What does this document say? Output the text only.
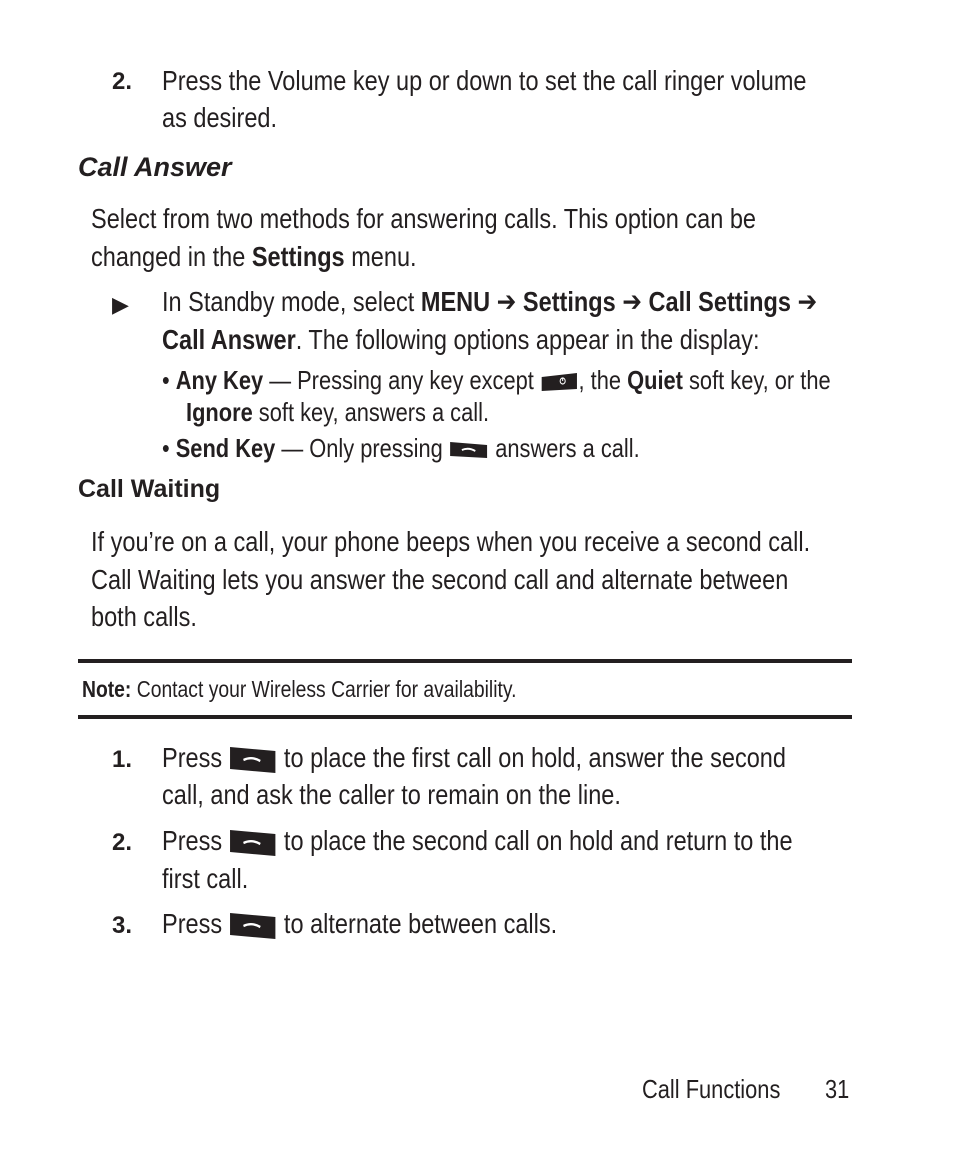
2. Press the Volume key up or down to set the call ringer volume
as desired.
Call Answer
Select from two methods for answering calls. This option can be
changed in the Settings menu.
▶ In Standby mode, select MENU ➔ Settings ➔ Call Settings ➔
Call Answer. The following options appear in the display:
• Any Key — Pressing any key except
, the Quiet soft key, or the
Ignore soft key, answers a call.
• Send Key — Only pressing
answers a call.
Call Waiting
If you’re on a call, your phone beeps when you receive a second call.
Call Waiting lets you answer the second call and alternate between
both calls.
Note: Contact your Wireless Carrier for availability.
1. Press
to place the first call on hold, answer the second
call, and ask the caller to remain on the line.
2. Press
to place the second call on hold and return to the
first call.
3. Press
to alternate between calls.
Call Functions 31
